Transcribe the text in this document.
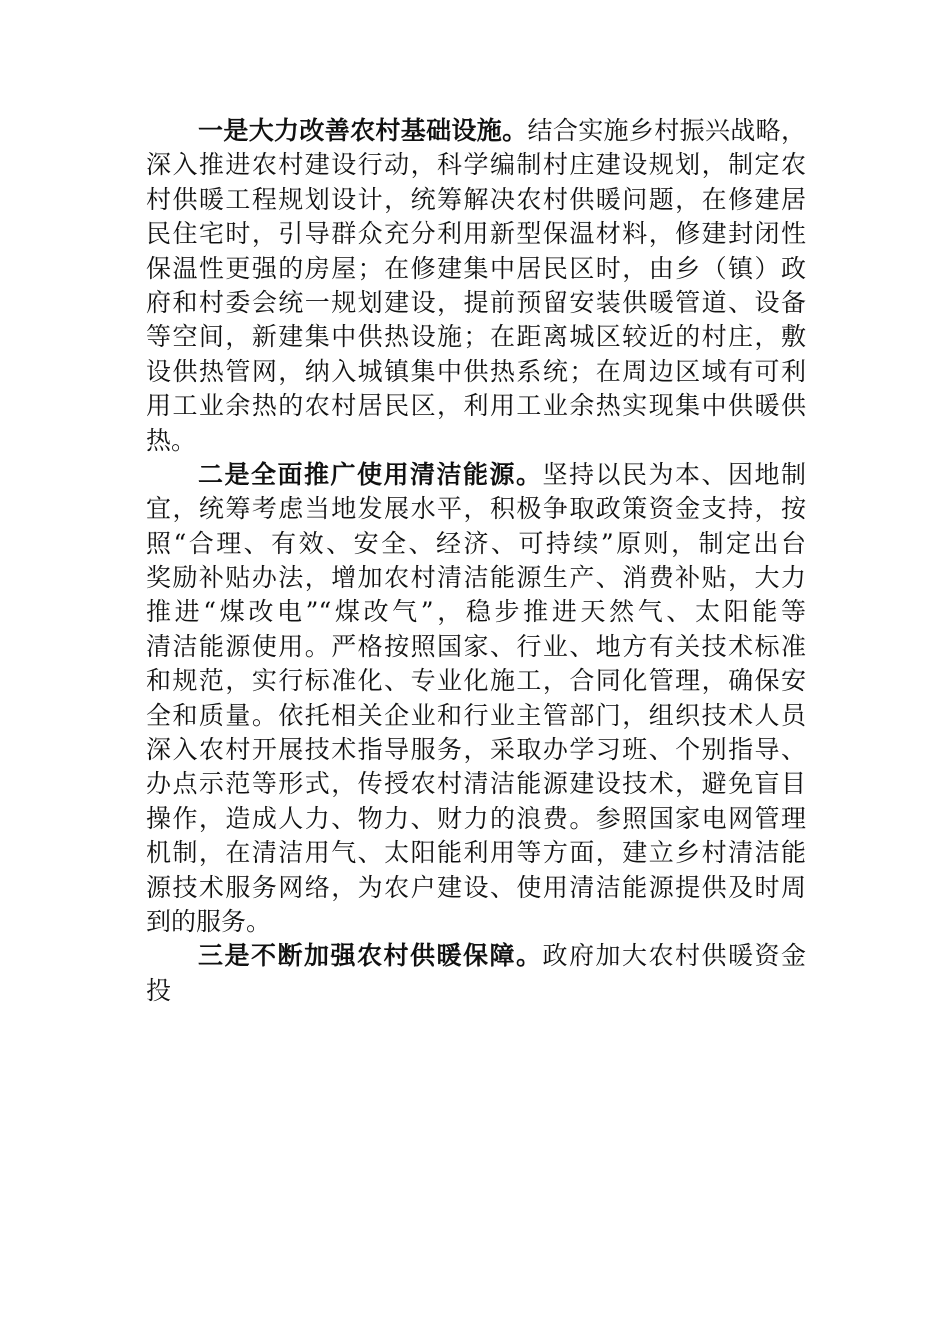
一是大力改善农村基础设施。结合实施乡村振兴战略，
深入推进农村建设行动，科学编制村庄建设规划，制定农
村供暖工程规划设计，统筹解决农村供暖问题，在修建居
民住宅时，引导群众充分利用新型保温材料，修建封闭性
保温性更强的房屋；在修建集中居民区时，由乡（镇）政
府和村委会统一规划建设，提前预留安装供暖管道、设备
等空间，新建集中供热设施；在距离城区较近的村庄，敷
设供热管网，纳入城镇集中供热系统；在周边区域有可利
用工业余热的农村居民区，利用工业余热实现集中供暖供
热。
二是全面推广使用清洁能源。坚持以民为本、因地制
宜，统筹考虑当地发展水平，积极争取政策资金支持，按
照“合理、有效、安全、经济、可持续”原则，制定出台
奖励补贴办法，增加农村清洁能源生产、消费补贴，大力
推进“煤改电”“煤改气”，稳步推进天然气、太阳能等
清洁能源使用。严格按照国家、行业、地方有关技术标准
和规范，实行标准化、专业化施工，合同化管理，确保安
全和质量。依托相关企业和行业主管部门，组织技术人员
深入农村开展技术指导服务，采取办学习班、个别指导、
办点示范等形式，传授农村清洁能源建设技术，避免盲目
操作，造成人力、物力、财力的浪费。参照国家电网管理
机制，在清洁用气、太阳能利用等方面，建立乡村清洁能
源技术服务网络，为农户建设、使用清洁能源提供及时周
到的服务。
三是不断加强农村供暖保障。政府加大农村供暖资金
投
